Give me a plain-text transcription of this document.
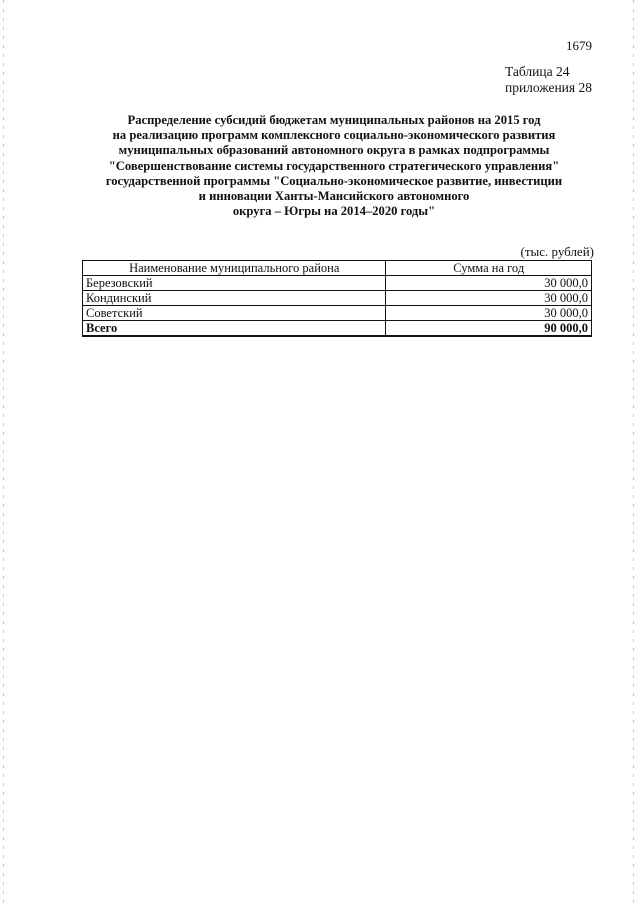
1679
Таблица 24
приложения 28
Распределение субсидий бюджетам муниципальных районов на 2015 год
на реализацию программ комплексного социально-экономического развития
муниципальных образований автономного округа в рамках подпрограммы
"Совершенствование системы государственного стратегического управления"
государственной программы "Социально-экономическое развитие, инвестиции
и инновации Ханты-Мансийского автономного
округа – Югры на 2014–2020 годы"
(тыс. рублей)
Наименование муниципального района	Сумма на год
Березовский	30 000,0
Кондинский	30 000,0
Советский	30 000,0
Всего	90 000,0
